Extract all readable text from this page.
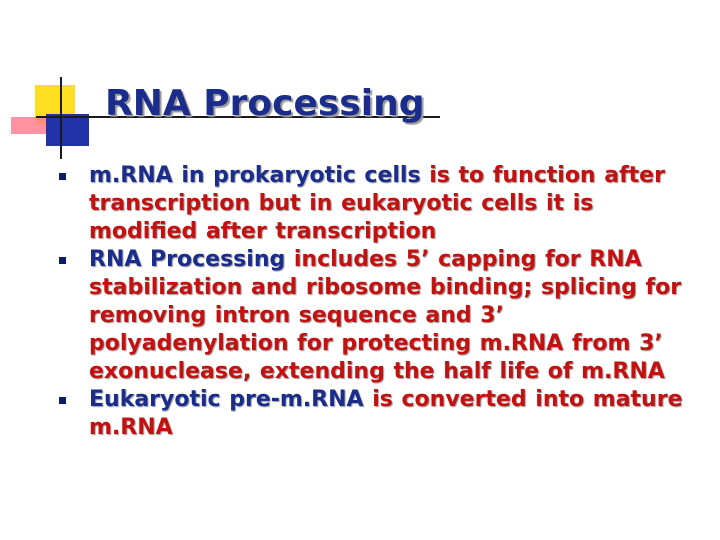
RNA Processing
m.RNA in prokaryotic cells is to function after transcription but in eukaryotic cells it is modified after transcription
RNA Processing includes 5’ capping for RNA stabilization and ribosome binding; splicing for removing intron sequence and 3’ polyadenylation for protecting m.RNA from 3’ exonuclease, extending the half life of m.RNA
Eukaryotic pre-m.RNA is converted into mature m.RNA
